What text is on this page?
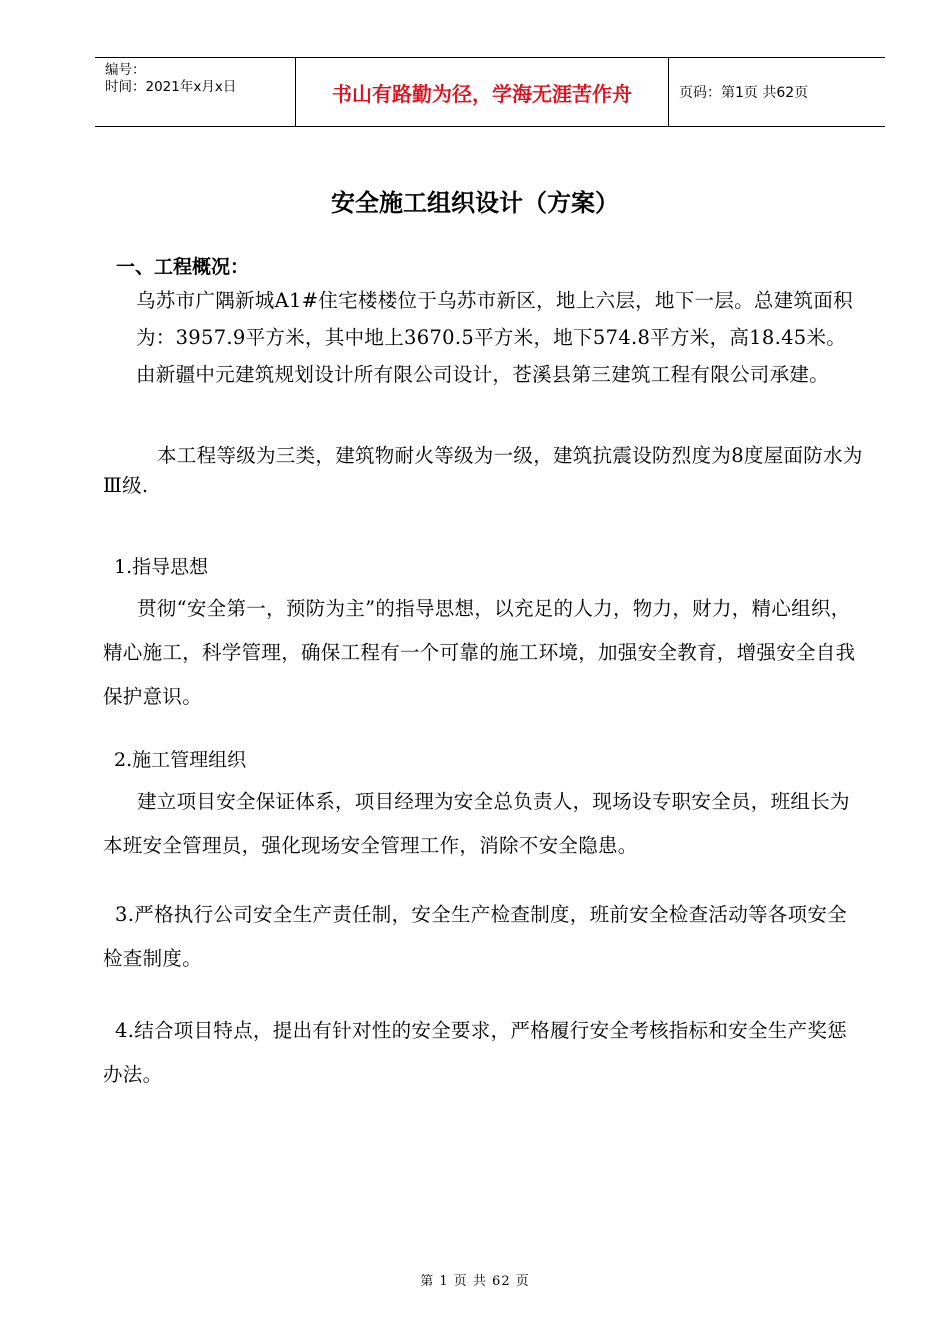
编号：
时间：2021年x月x日	书山有路勤为径，学海无涯苦作舟	页码：第1页 共62页
安全施工组织设计（方案）
一、工程概况：
乌苏市广隅新城A1#住宅楼楼位于乌苏市新区，地上六层，地下一层。总建筑面积为：3957.9平方米，其中地上3670.5平方米，地下574.8平方米，高18.45米。由新疆中元建筑规划设计所有限公司设计，苍溪县第三建筑工程有限公司承建。
本工程等级为三类，建筑物耐火等级为一级，建筑抗震设防烈度为8度屋面防水为Ⅲ级.
1.指导思想
贯彻“安全第一，预防为主”的指导思想，以充足的人力，物力，财力，精心组织，精心施工，科学管理，确保工程有一个可靠的施工环境，加强安全教育，增强安全自我保护意识。
2.施工管理组织
建立项目安全保证体系，项目经理为安全总负责人，现场设专职安全员，班组长为本班安全管理员，强化现场安全管理工作，消除不安全隐患。
3.严格执行公司安全生产责任制，安全生产检查制度，班前安全检查活动等各项安全检查制度。
4.结合项目特点，提出有针对性的安全要求，严格履行安全考核指标和安全生产奖惩办法。
第 1 页 共 62 页
